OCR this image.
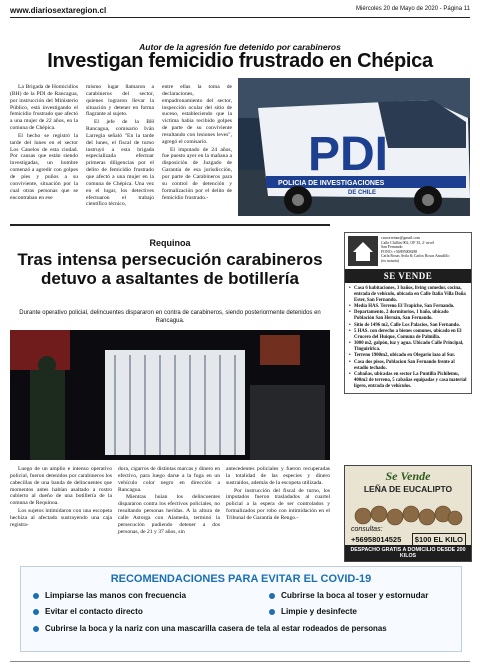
www.diariosextaregion.cl	Miércoles 20 de Mayo de 2020 - Página 11
Autor de la agresión fue detenido por carabineros
Investigan femicidio frustrado en Chépica

La Brigada de Homicidios (BH) de la PDI de Rancagua, por instrucción del Ministerio Público, está investigando el femicidio frustrado que afectó a una mujer de 22 años, en la comuna de Chépica.

El hecho se registró la tarde del lunes en el sector Los Canelos de esta ciudad. Por causas que están siendo investigadas, un hombre comenzó a agredir con golpes de pies y puños a su conviviente, situación por la cual otras personas que se encontraban en ese

mismo lugar llamaron a carabineros del sector, quienes lograron llevar la situación y detener en forma flagrante al sujeto.

El jefe de la BH Rancagua, comisario Iván Larregla señaló "En la tarde del lunes, el fiscal de turno instruyó a esta brigada especializada efectuar primeras diligencias por el delito de femicidio frustrado que afectó a una mujer en la comuna de Chépica. Una vez en el lugar, los detectives efectuaron el trabajo científico técnico,

entre ellas la toma de declaraciones, empadronamiento del sector, inspección ocular del sitio de suceso, estableciendo que la víctima había recibido golpes de parte de su conviviente resultando con lesiones leves", agregó el comisario.

El imputado de 24 años, fue puesto ayer en la mañana a disposición de Juzgado de Garantía de esa jurisdicción, por parte de Carabineros para su control de detención y formalización por el delito de femicidio frustrado.-

PDI
POLICIA DE INVESTIGACIONES
DE CHILE
Requinoa
Tras intensa persecución carabineros detuvo a asaltantes de botillería
Durante operativo policial, delincuentes dispararon en contra de carabineros, siendo posteriormente detenidos en Rancagua.

Luego de un amplio e intenso operativo policial, fueron detenidos por carabineros los cabecillas de una banda de delincuentes que momentos antes habían asaltado a rostro cubierto al dueño de una botillería de la comuna de Requinoa.

Los sujetos intimidaron con una escopeta hechiza al afectado sustrayendo una caja registra-

dora, cigarros de distintas marcas y dinero en efectivo, para luego darse a la fuga en un vehículo color negro en dirección a Rancagua.

Mientras huían los delincuentes dispararon contra los efectivos policiales, no resultando personas heridas. A la altura de calle Astorga con Alameda, terminó la persecución pudiendo detener a dos personas, de 21 y 37 años, sin

antecedentes policiales y fueron recuperadas la totalidad de las especies y dinero sustraídos, además de la escopeta utilizada.

Por instrucción del fiscal de turno, los imputados fueron trasladados al cuartel policial a la espera de ser controlados y formalizados por robo con intimidación en el Tribunal de Garantía de Rengo.-

cracorreiaur@gmail.com
Calle Chillán 902, OF 35, 2º nivel
San Fernando
FONO: +56995008288
Carla Rosas Avila & Carlos Rosas Astudillo
(ex notaría)
SE VENDE
• Casa 6 habitaciones, 3 baños, living comedor, cocina, entrada de vehículo, ubicada en Calle Italia Villa Doña Ester, San Fernando.
• Media HAS. Terreno El Trapiche, San Fernando.
• Departamento, 2 dormitorios, 1 baño, ubicado Población San Hernán, San Fernando.
• Sitio de 1496 m2, Calle Los Palacios, San Fernando.
• 5 HAS. con derecho a bienes comunes, ubicado en El Crucero del Huique, Comuna de Palmilla.
• 3000 m2, galpón, luz y agua. Ubicado Calle Principal, Tinguiririca.
• Terreno 1900m2, ubicado en Olegario lazo al Sur.
• Casa dos pisos, Poblacion San Fernando frente al estadio techado.
• Cabañas, ubicadas en sector La Puntilla Pichilemu, 400m2 de terreno, 5 cabañas equipadas y casa material ligero, entrada de vehículos.
Se Vende
LEÑA DE EUCALIPTO
consultas:
+56958014525	$100 EL KILO
DESPACHO GRATIS A DOMICILIO DESDE 200 KILOS
RECOMENDACIONES PARA EVITAR EL COVID-19
Limpiarse las manos con frecuencia	Cubrirse la boca al toser y estornudar
Evitar el contacto directo	Limpie y desinfecte
Cubrirse la boca y la nariz con una mascarilla casera de tela al estar rodeados de personas
